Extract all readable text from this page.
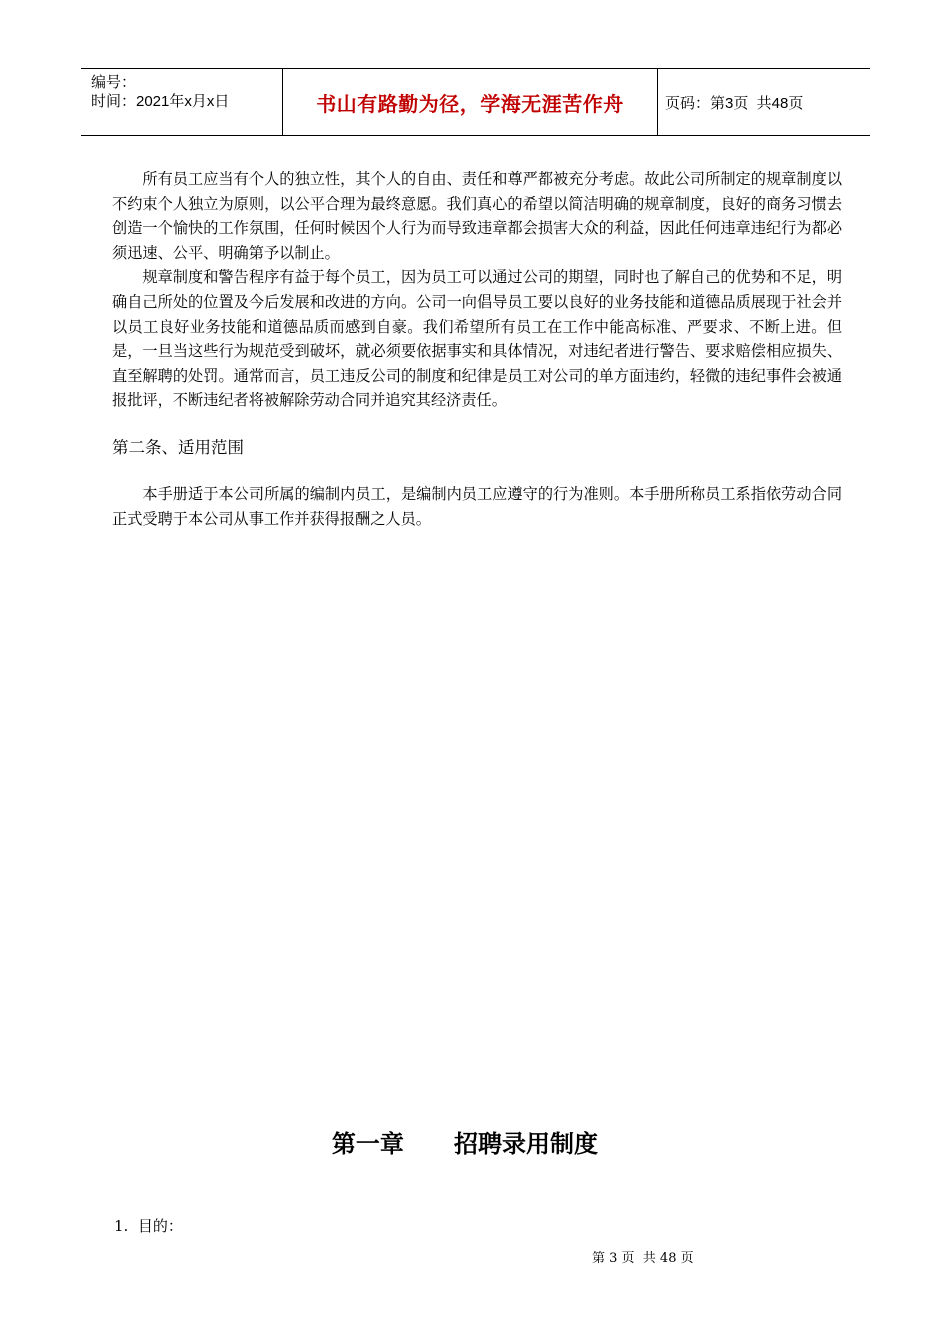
编号：
时间：2021年x月x日	书山有路勤为径，学海无涯苦作舟	页码：第3页  共48页

所有员工应当有个人的独立性，其个人的自由、责任和尊严都被充分考虑。故此公司所制定的规章制度以不约束个人独立为原则，以公平合理为最终意愿。我们真心的希望以简洁明确的规章制度，良好的商务习惯去创造一个愉快的工作氛围，任何时候因个人行为而导致违章都会损害大众的利益，因此任何违章违纪行为都必须迅速、公平、明确第予以制止。

规章制度和警告程序有益于每个员工，因为员工可以通过公司的期望，同时也了解自己的优势和不足，明确自己所处的位置及今后发展和改进的方向。公司一向倡导员工要以良好的业务技能和道德品质展现于社会并以员工良好业务技能和道德品质而感到自豪。我们希望所有员工在工作中能高标准、严要求、不断上进。但是，一旦当这些行为规范受到破坏，就必须要依据事实和具体情况，对违纪者进行警告、要求赔偿相应损失、直至解聘的处罚。通常而言，员工违反公司的制度和纪律是员工对公司的单方面违约，轻微的违纪事件会被通报批评，不断违纪者将被解除劳动合同并追究其经济责任。

第二条、适用范围

本手册适于本公司所属的编制内员工，是编制内员工应遵守的行为准则。本手册所称员工系指依劳动合同正式受聘于本公司从事工作并获得报酬之人员。

第一章      招聘录用制度
1.  目的：
第 3 页  共 48 页
